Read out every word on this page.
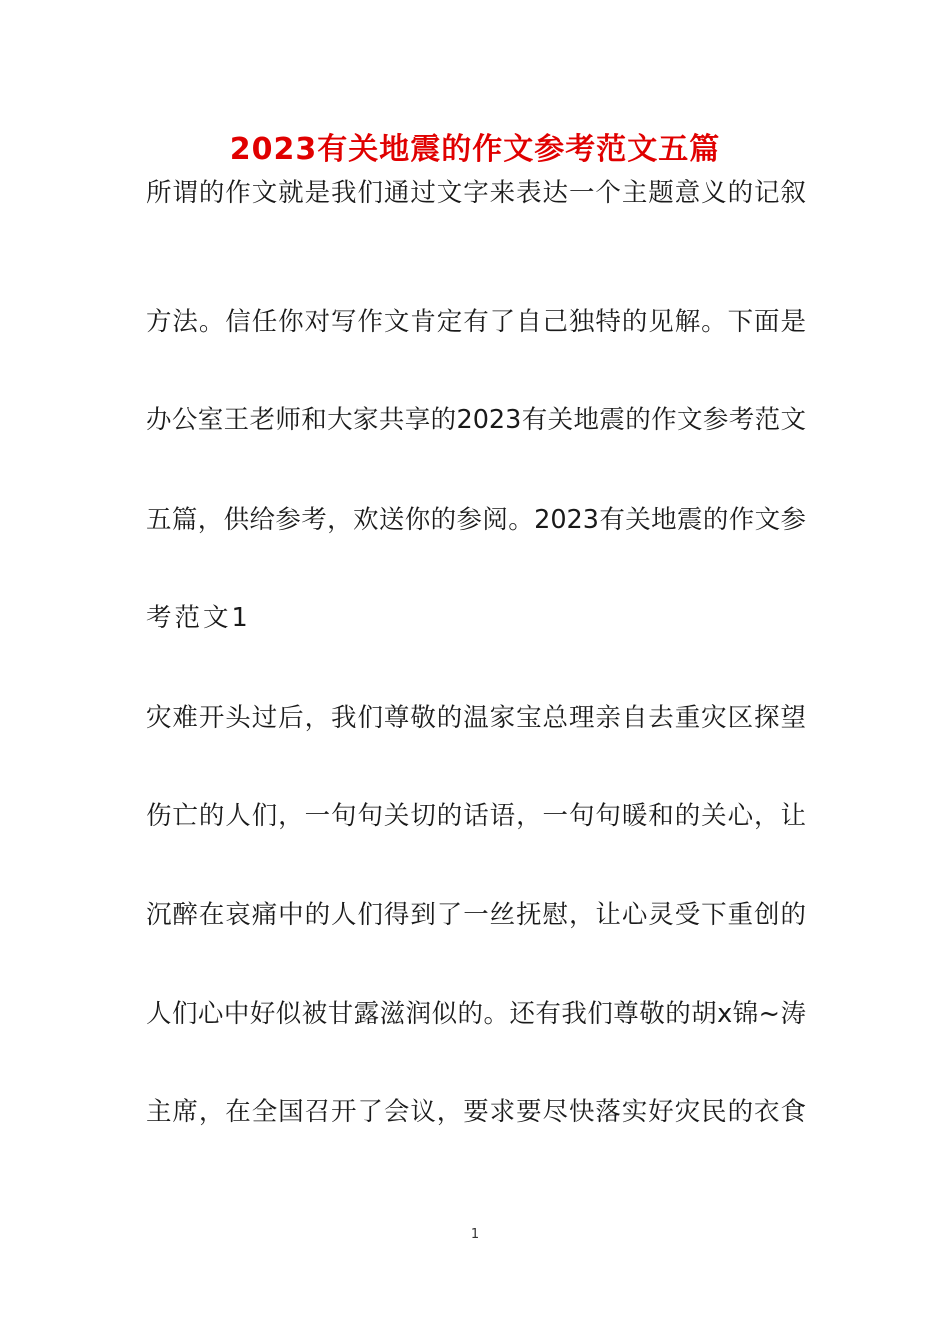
2023有关地震的作文参考范文五篇
所谓的作文就是我们通过文字来表达一个主题意义的记叙
方法。信任你对写作文肯定有了自己独特的见解。下面是
办公室王老师和大家共享的2023有关地震的作文参考范文
五篇，供给参考，欢送你的参阅。2023有关地震的作文参
考范文1
灾难开头过后，我们尊敬的温家宝总理亲自去重灾区探望
伤亡的人们，一句句关切的话语，一句句暖和的关心，让
沉醉在哀痛中的人们得到了一丝抚慰，让心灵受下重创的
人们心中好似被甘露滋润似的。还有我们尊敬的胡x锦~涛
主席，在全国召开了会议，要求要尽快落实好灾民的衣食
1
